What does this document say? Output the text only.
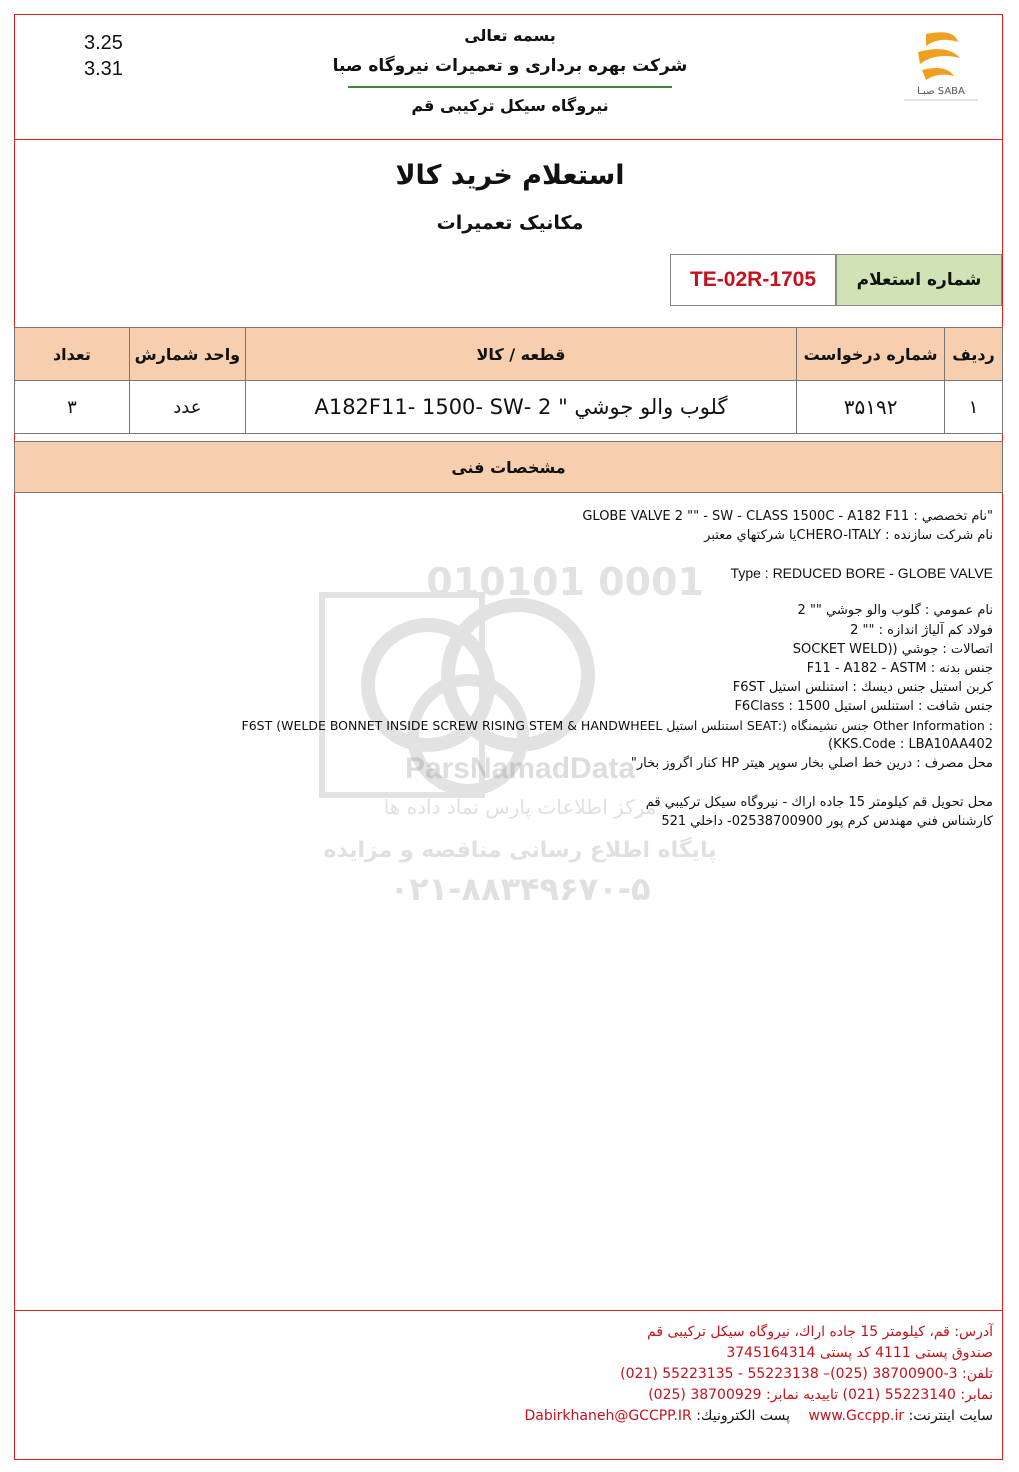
3.25
3.31
بسمه تعالی
شرکت بهره برداری و تعمیرات نیروگاه صبا
نیروگاه سیکل ترکیبی قم
صبـا SABA
استعلام خرید کالا
مکانیک تعمیرات
شماره استعلام
TE-02R-1705
ردیف	شماره درخواست	قطعه / کالا	واحد شمارش	تعداد
۱	۳۵۱۹۲	گلوب والو جوشي " 2 -A182F11- 1500- SW	عدد	۳
مشخصات فنی
010101 0001
ParsNamadData
مرکز اطلاعات پارس نماد داده ها
پایگاه اطلاع رسانی مناقصه و مزایده
۰۲۱-۸۸۳۴۹۶۷۰-۵
"نام تخصصي : GLOBE VALVE 2 "" - SW - CLASS 1500C - A182 F11
نام شرکت سازنده : CHERO-ITALYيا شرکتهاي معتبر
Type : REDUCED BORE - GLOBE VALVE
نام عمومي : گلوب والو جوشي "" 2
فولاد کم آلیاژ اندازه : "" 2
اتصالات : جوشي ((SOCKET WELD
جنس بدنه : F11 - A182 - ASTM
کربن استیل جنس دیسك : استنلس استیل F6ST
جنس شافت : استنلس استیل 1500 : F6Class
: Other Information جنس نشیمنگاه (:SEAT استنلس استیل WELDE BONNET INSIDE SCREW RISING STEM & HANDWHEEL) F6ST
KKS.Code : LBA10AA402)
محل مصرف : درین خط اصلي بخار سوپر هیتر HP کنار اگروز بخار"
محل تحویل قم کیلومتر 15 جاده اراك - نیروگاه سیکل ترکیبي قم
کارشناس فني مهندس کرم پور 02538700900- داخلي 521
آدرس: قم، کیلومتر 15 جاده اراك، نیروگاه سیکل ترکیبی قم
صندوق پستی 4111 کد پستی 3745164314
تلفن: 3-38700900 (025)– 55223138 - 55223135 (021)
نمابر: 55223140 (021) تاییدیه نمابر: 38700929 (025)
سایت اینترنت: www.Gccpp.ir پست الکترونیك: Dabirkhaneh@GCCPP.IR
